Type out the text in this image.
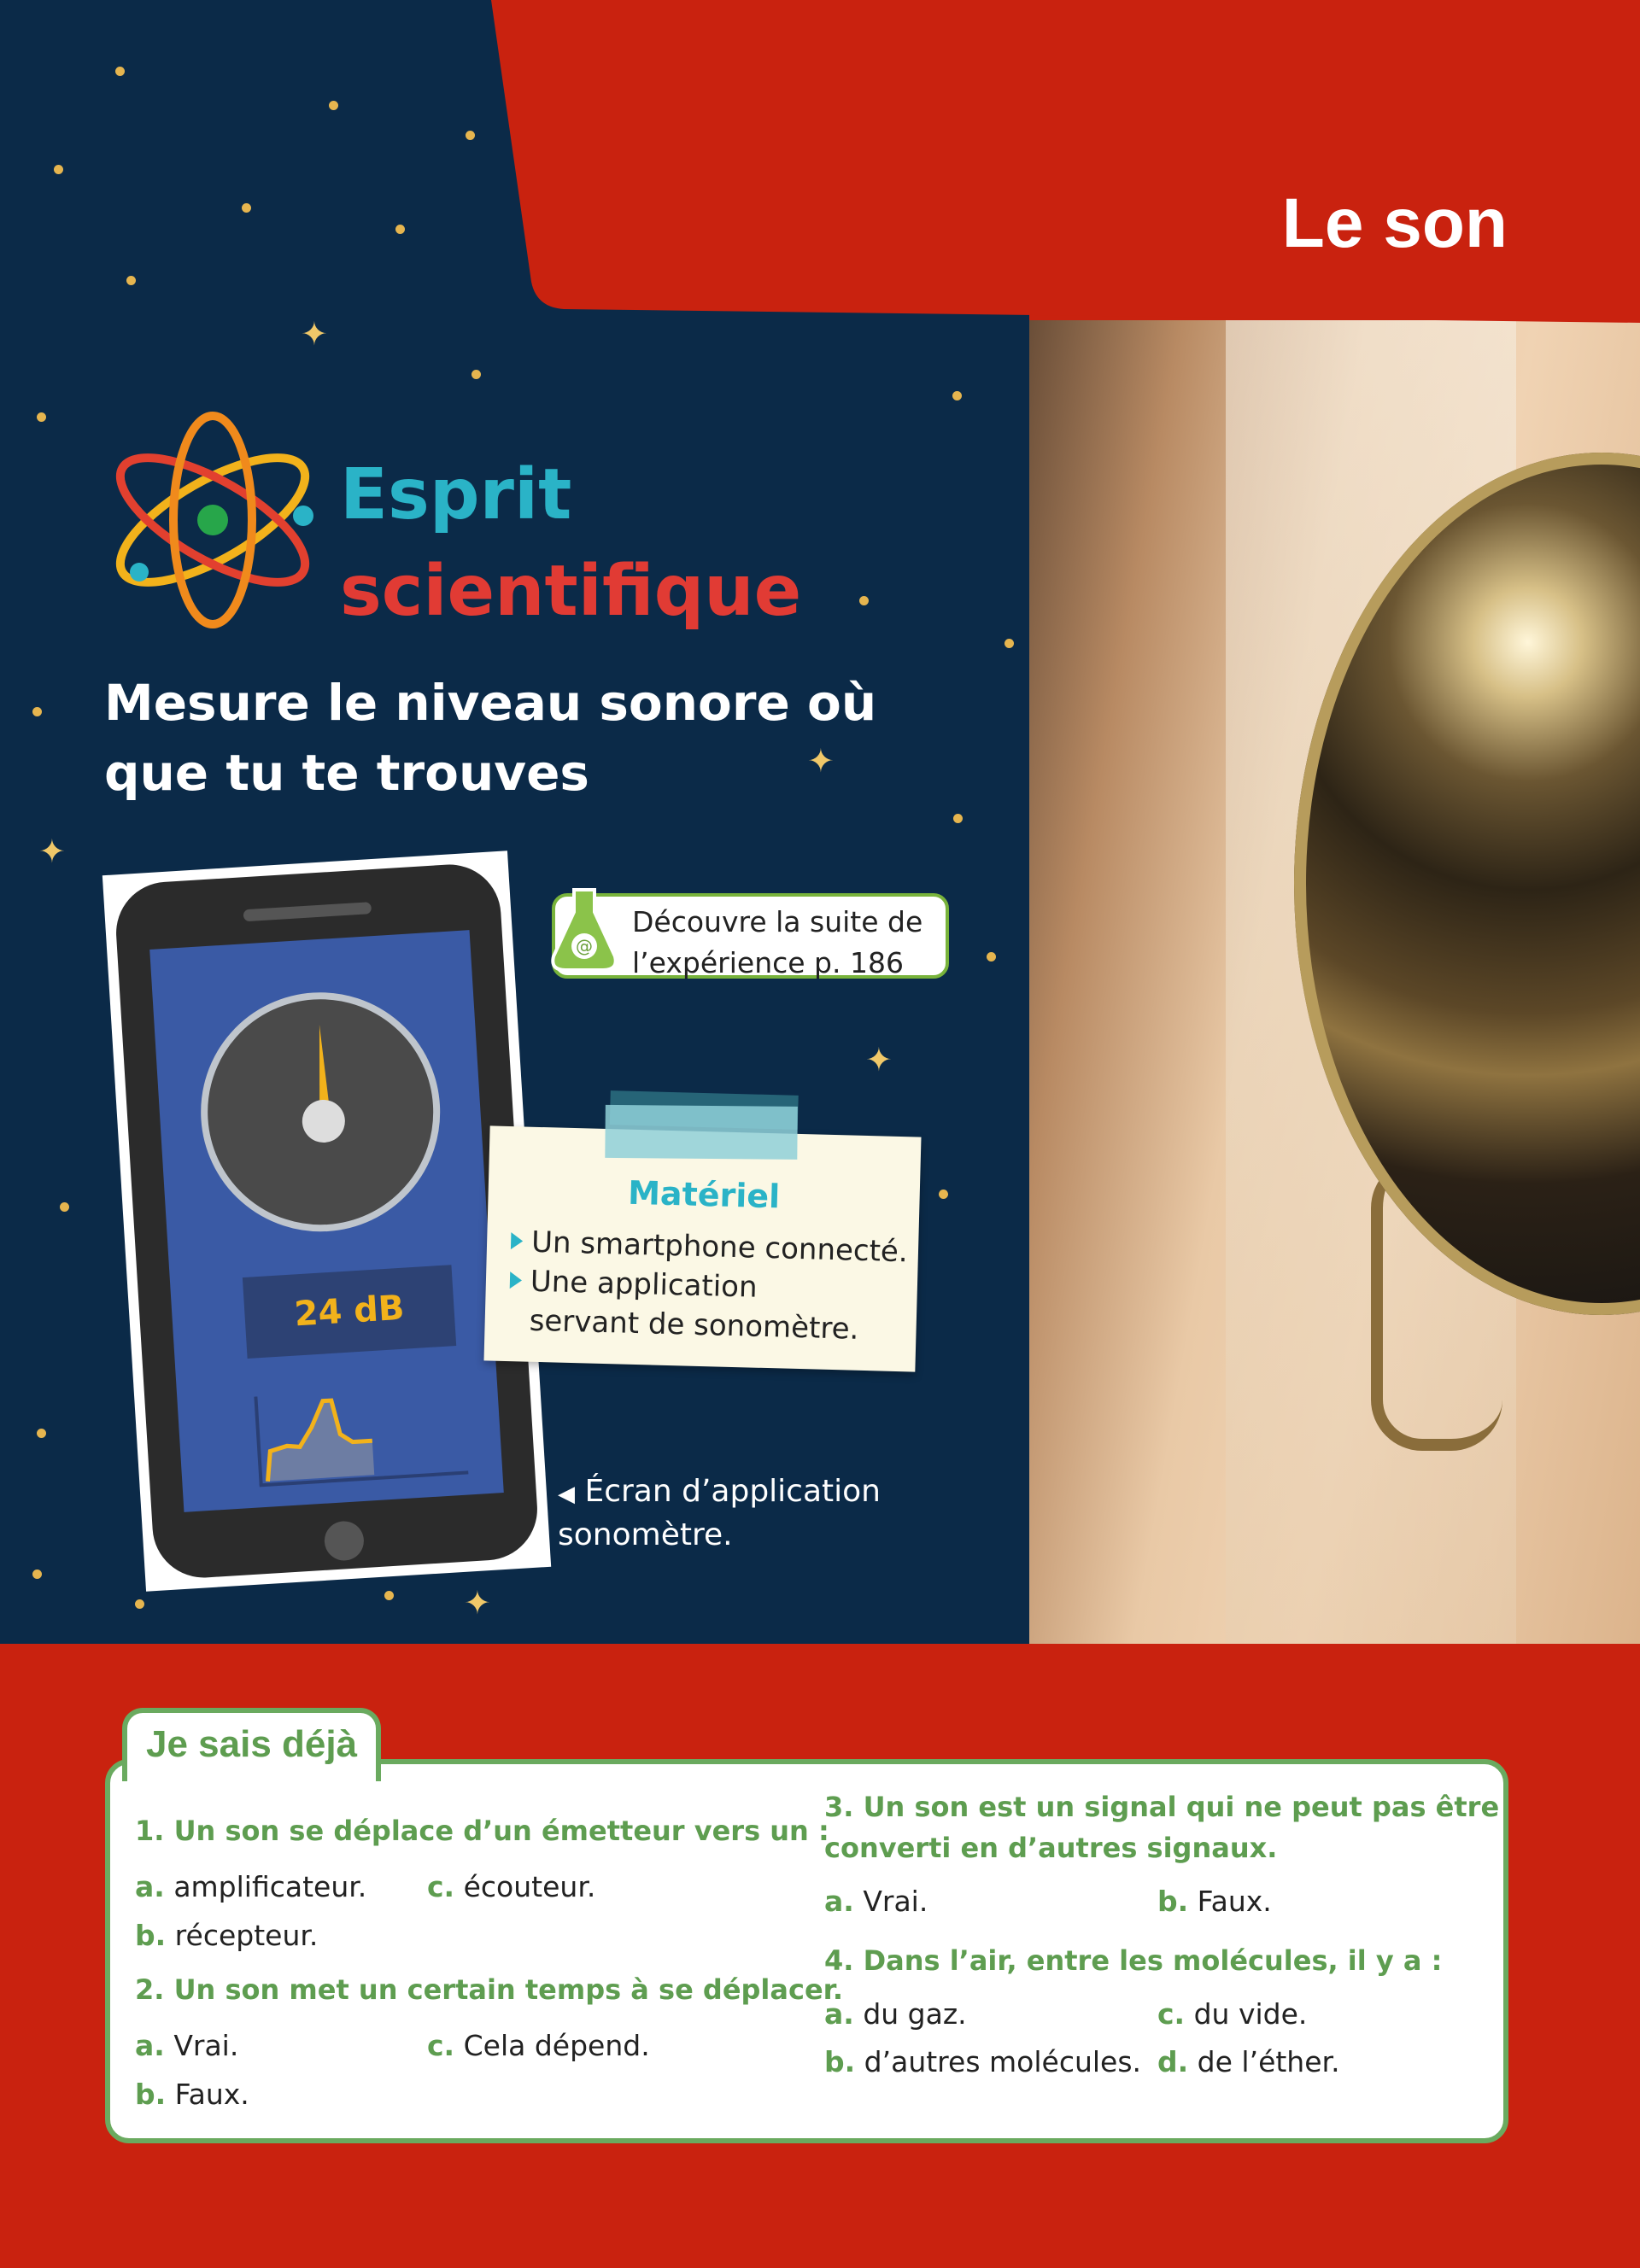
Le son
✦
✦
✦
✦
✦
Esprit
scientifique
Mesure le niveau sonore où que tu te trouves
24 dB
Matériel
Un smartphone connecté.
Une application servant de sonomètre.
@

Découvre la suite de
l’expérience p. 186

◀ Écran d’application
sonomètre.

Je sais déjà

1. Un son se déplace d’un émetteur vers un :

a. amplificateur. c. écouteur.

b. récepteur.

2. Un son met un certain temps à se déplacer.

a. Vrai.	c. Cela dépend.

b. Faux.

3. Un son est un signal qui ne peut pas être
converti en d’autres signaux.

a. Vrai.	b. Faux.

4. Dans l’air, entre les molécules, il y a :

a. du gaz.	c. du vide.

b. d’autres molécules. d. de l’éther.
